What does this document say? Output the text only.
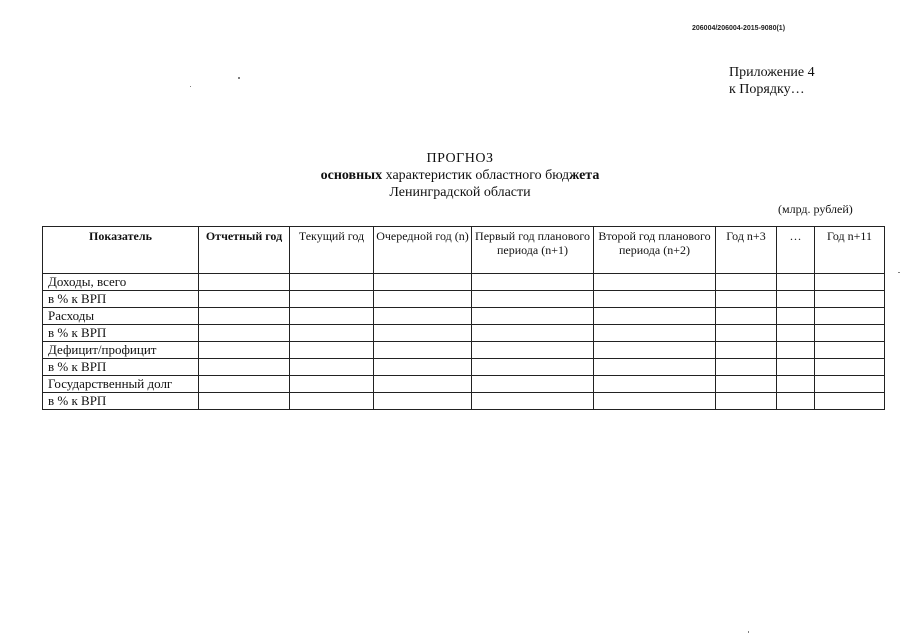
206004/206004-2015-9080(1)
Приложение 4
к Порядку…
ПРОГНОЗ
основных характеристик областного бюджета
Ленинградской области
(млрд. рублей)
Показатель	Отчетный год	Текущий год	Очередной год (n)	Первый год планового периода (n+1)	Второй год планового периода (n+2)	Год n+3	…	Год n+11
Доходы, всего								
в % к ВРП								
Расходы								
в % к ВРП								
Дефицит/профицит								
в % к ВРП								
Государственный долг								
в % к ВРП								
